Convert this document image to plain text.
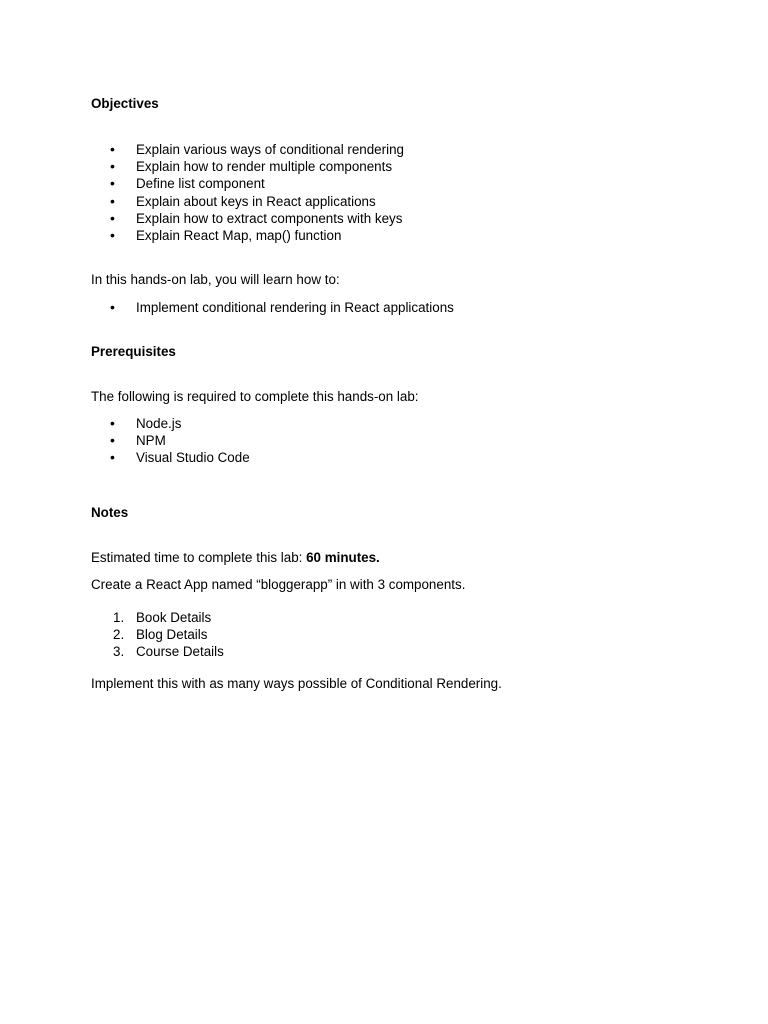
Objectives

• Explain various ways of conditional rendering
• Explain how to render multiple components
• Define list component
• Explain about keys in React applications
• Explain how to extract components with keys
• Explain React Map, map() function

In this hands-on lab, you will learn how to:

• Implement conditional rendering in React applications

Prerequisites

The following is required to complete this hands-on lab:

• Node.js
• NPM
• Visual Studio Code

Notes

Estimated time to complete this lab: 60 minutes.

Create a React App named “bloggerapp” in with 3 components.

1. Book Details
2. Blog Details
3. Course Details

Implement this with as many ways possible of Conditional Rendering.
